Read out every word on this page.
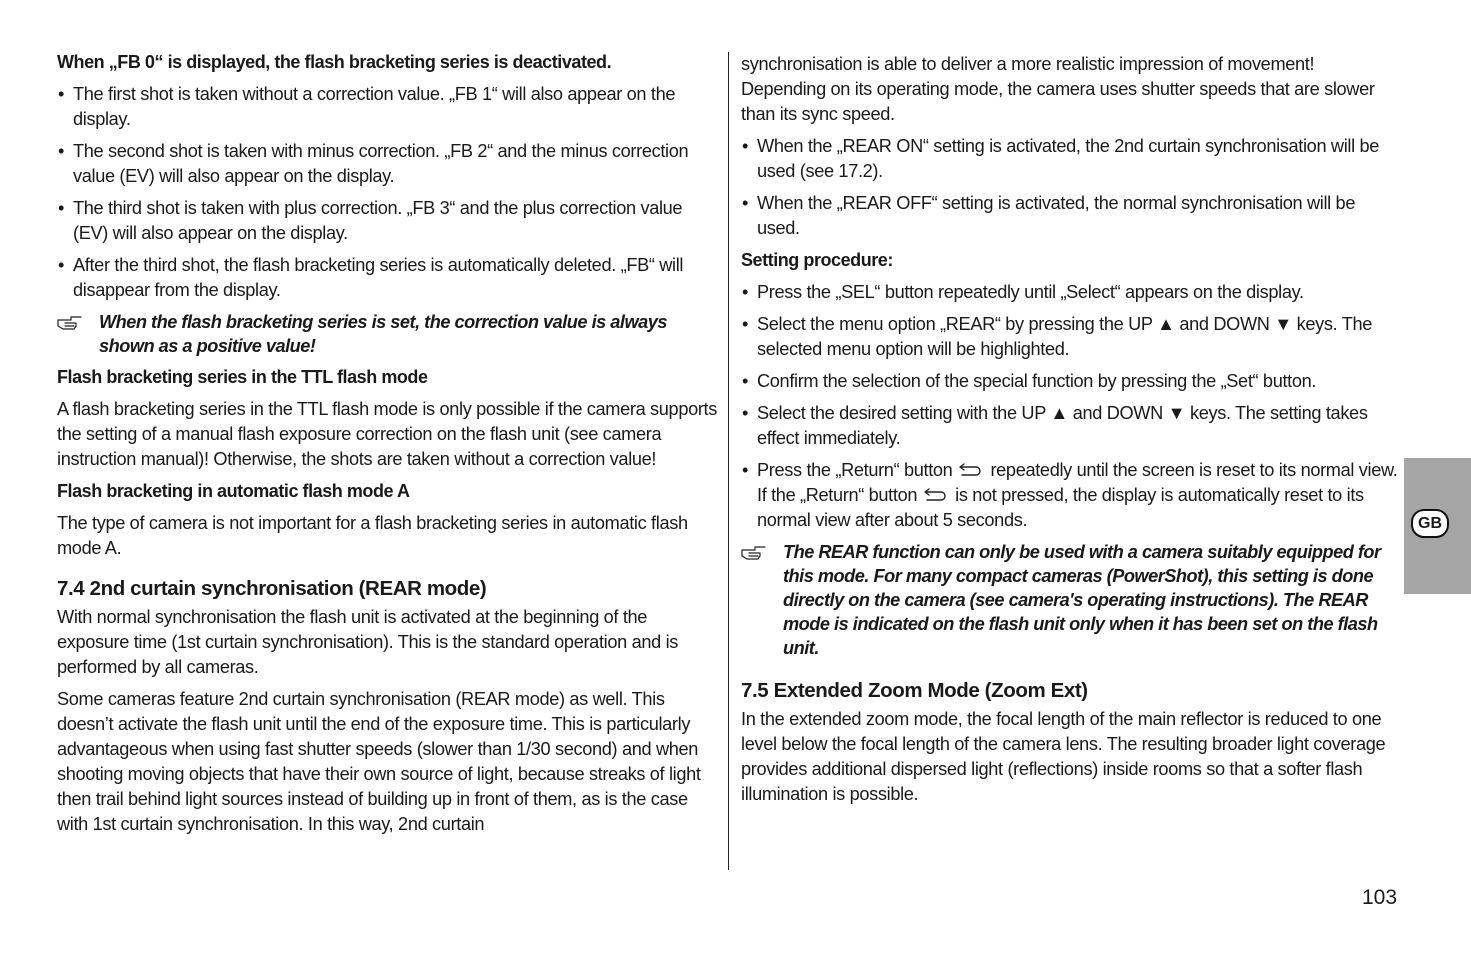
When „FB 0“ is displayed, the flash bracketing series is deactivated.

• The first shot is taken without a correction value. „FB 1“ will also appear on the display.
• The second shot is taken with minus correction. „FB 2“ and the minus correction value (EV) will also appear on the display.
• The third shot is taken with plus correction. „FB 3“ and the plus correction value (EV) will also appear on the display.
• After the third shot, the flash bracketing series is automatically deleted. „FB“ will disappear from the display.

When the flash bracketing series is set, the correction value is always shown as a positive value!

Flash bracketing series in the TTL flash mode

A flash bracketing series in the TTL flash mode is only possible if the camera supports the setting of a manual flash exposure correction on the flash unit (see camera instruction manual)! Otherwise, the shots are taken without a correction value!

Flash bracketing in automatic flash mode A

The type of camera is not important for a flash bracketing series in automatic flash mode A.

7.4 2nd curtain synchronisation (REAR mode)

With normal synchronisation the flash unit is activated at the beginning of the exposure time (1st curtain synchronisation). This is the standard operation and is performed by all cameras.

Some cameras feature 2nd curtain synchronisation (REAR mode) as well. This doesn’t activate the flash unit until the end of the exposure time. This is particularly advantageous when using fast shutter speeds (slower than 1/30 second) and when shooting moving objects that have their own source of light, because streaks of light then trail behind light sources instead of building up in front of them, as is the case with 1st curtain synchronisation. In this way, 2nd curtain

synchronisation is able to deliver a more realistic impression of movement! Depending on its operating mode, the camera uses shutter speeds that are slower than its sync speed.

• When the „REAR ON“ setting is activated, the 2nd curtain synchronisation will be used (see 17.2).
• When the „REAR OFF“ setting is activated, the normal synchronisation will be used.

Setting procedure:

• Press the „SEL“ button repeatedly until „Select“ appears on the display.
• Select the menu option „REAR“ by pressing the UP ▲ and DOWN ▼ keys. The selected menu option will be highlighted.
• Confirm the selection of the special function by pressing the „Set“ button.
• Select the desired setting with the UP ▲ and DOWN ▼ keys. The setting takes effect immediately.
• Press the „Return“ button repeatedly until the screen is reset to its normal view. If the „Return“ button is not pressed, the display is automatically reset to its normal view after about 5 seconds.

The REAR function can only be used with a camera suitably equipped for this mode. For many compact cameras (PowerShot), this setting is done directly on the camera (see camera's operating instructions). The REAR mode is indicated on the flash unit only when it has been set on the flash unit.

7.5 Extended Zoom Mode (Zoom Ext)

In the extended zoom mode, the focal length of the main reflector is reduced to one level below the focal length of the camera lens. The resulting broader light coverage provides additional dispersed light (reflections) inside rooms so that a softer flash illumination is possible.

GB
103
